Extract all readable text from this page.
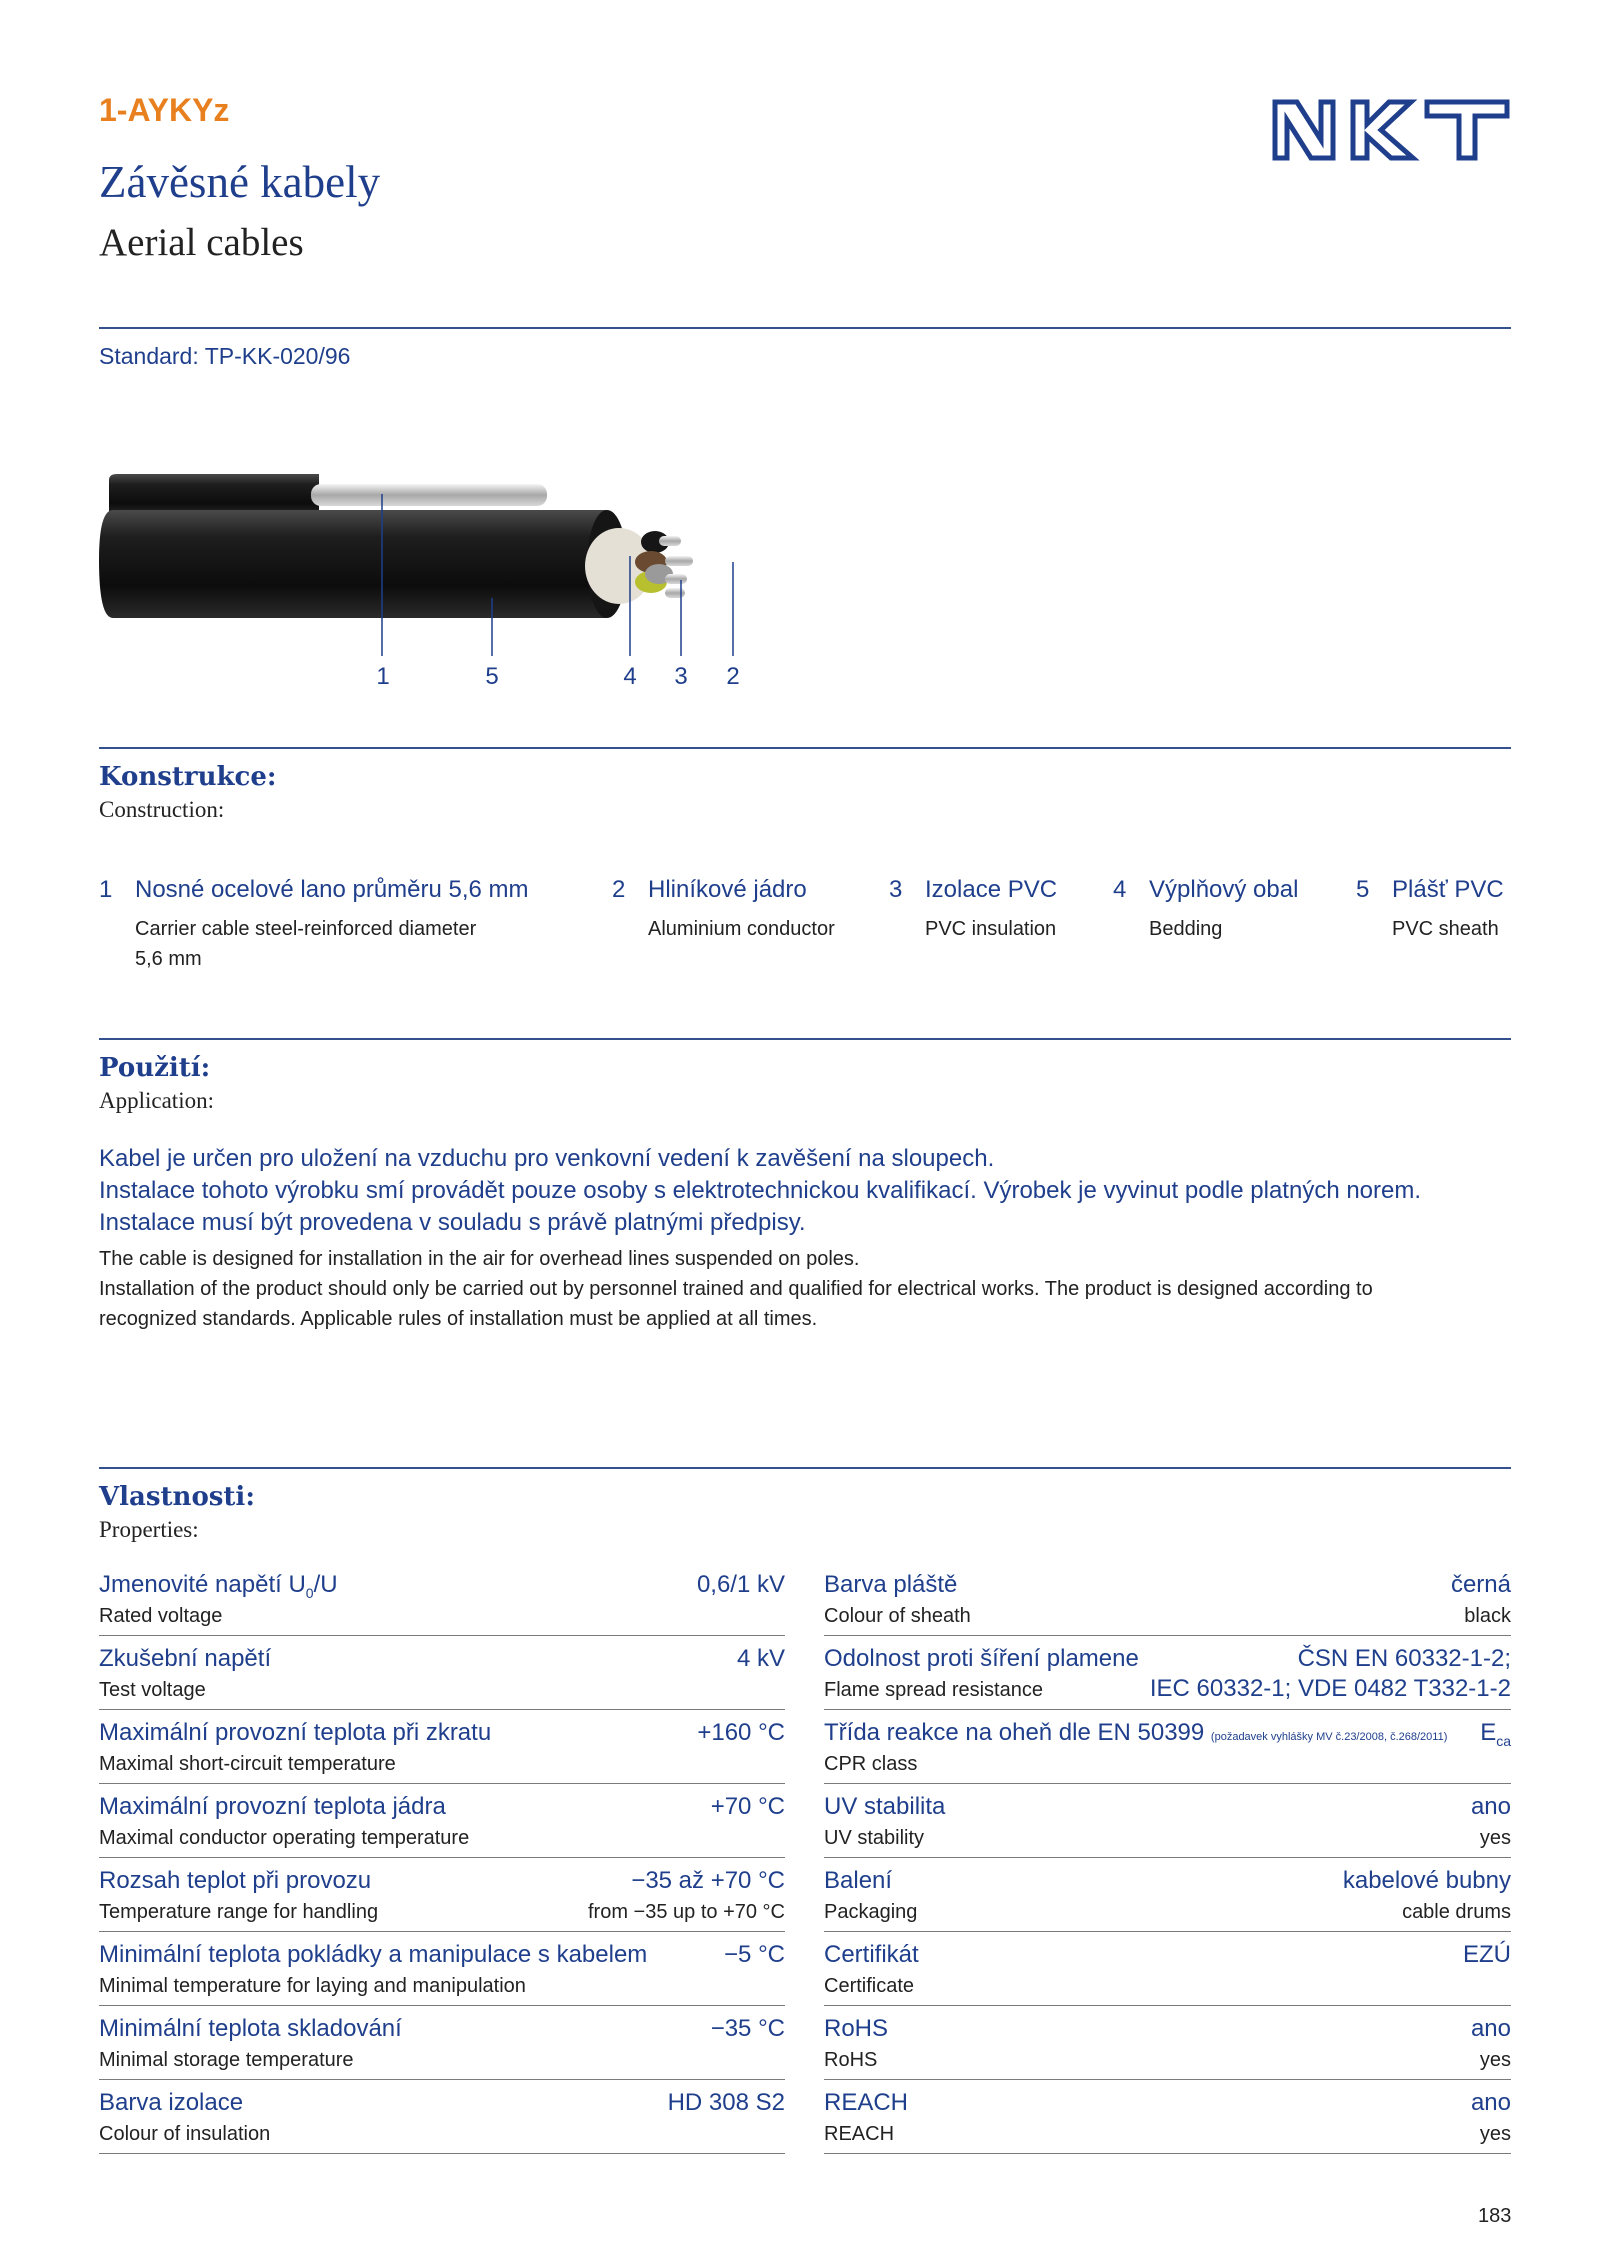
1-AYKYz
Závěsné kabely
Aerial cables
Standard: TP-KK-020/96
1	5	4	3	2
Konstrukce:
Construction:
1 Nosné ocelové lano průměru 5,6 mm
Carrier cable steel-reinforced diameter
5,6 mm
2 Hliníkové jádro
Aluminium conductor
3 Izolace PVC
PVC insulation
4 Výplňový obal
Bedding
5 Plášť PVC
PVC sheath
Použití:
Application:
Kabel je určen pro uložení na vzduchu pro venkovní vedení k zavěšení na sloupech.
Instalace tohoto výrobku smí provádět pouze osoby s elektrotechnickou kvalifikací. Výrobek je vyvinut podle platných norem.
Instalace musí být provedena v souladu s právě platnými předpisy.
The cable is designed for installation in the air for overhead lines suspended on poles.
Installation of the product should only be carried out by personnel trained and qualified for electrical works. The product is designed according to
recognized standards. Applicable rules of installation must be applied at all times.
Vlastnosti:
Properties:
Jmenovité napětí $U_0/U$
Rated voltage
0,6/1 kV
Zkušební napětí
Test voltage
4 kV
Maximální provozní teplota při zkratu
Maximal short-circuit temperature
+160 °C
Maximální provozní teplota jádra
Maximal conductor operating temperature
+70 °C
Rozsah teplot při provozu
Temperature range for handling
−35 až +70 °C
from −35 up to +70 °C
Minimální teplota pokládky a manipulace s kabelem
Minimal temperature for laying and manipulation
−5 °C
Minimální teplota skladování
Minimal storage temperature
−35 °C
Barva izolace
Colour of insulation
HD 308 S2
Barva pláště
Colour of sheath
černá
black
Odolnost proti šíření plamene
Flame spread resistance
ČSN EN 60332-1-2;
IEC 60332-1; VDE 0482 T332-1-2
Třída reakce na oheň dle EN 50399 (požadavek vyhlášky MV č.23/2008, č.268/2011)
CPR class
$E_{ca}$
UV stabilita
UV stability
ano
yes
Balení
Packaging
kabelové bubny
cable drums
Certifikát
Certificate
EZÚ
RoHS
RoHS
ano
yes
REACH
REACH
ano
yes
183
